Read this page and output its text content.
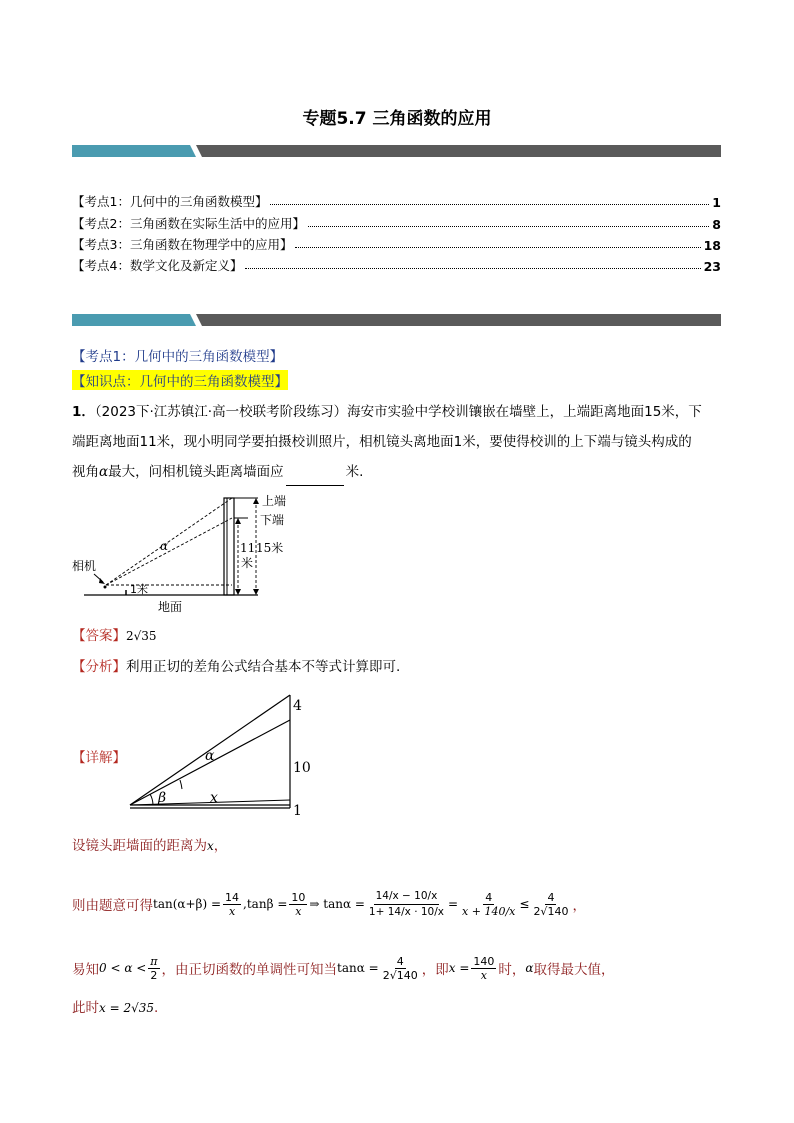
专题5.7 三角函数的应用
【考点1：几何中的三角函数模型】	1
【考点2：三角函数在实际生活中的应用】	8
【考点3：三角函数在物理学中的应用】	18
【考点4：数学文化及新定义】	23
【考点1：几何中的三角函数模型】
【知识点：几何中的三角函数模型】
1．（2023下·江苏镇江·高一校联考阶段练习）海安市实验中学校训镶嵌在墙壁上，上端距离地面15米，下
端距离地面11米，现小明同学要拍摄校训照片，相机镜头离地面1米，要使得校训的上下端与镜头构成的
视角α最大，问相机镜头距离墙面应	米.
上端
下端
11
米
15米
相机
α
1米
地面
【答案】2√35
【分析】利用正切的差角公式结合基本不等式计算即可.
【详解】
4
10
1
α
β	x
设镜头距墙面的距离为x，
则由题意可得 $\tan(\alpha+\beta) = \frac{14}{x} ,\tan\beta = \frac{10}{x}$ ⇒ $\tan\alpha = \frac{14/x - 10/x}{1+ 14/x \cdot 10/x} = \frac{4}{x + 140/x} \le \frac{4}{2√140}$ ，
易知 $0 < \alpha < \frac{\pi}{2}$ ，由正切函数的单调性可知当 $\tan\alpha = \frac{4}{2√140}$ ，即 $x = \frac{140}{x}$ 时， α 取得最大值，
此时x = 2√35.
